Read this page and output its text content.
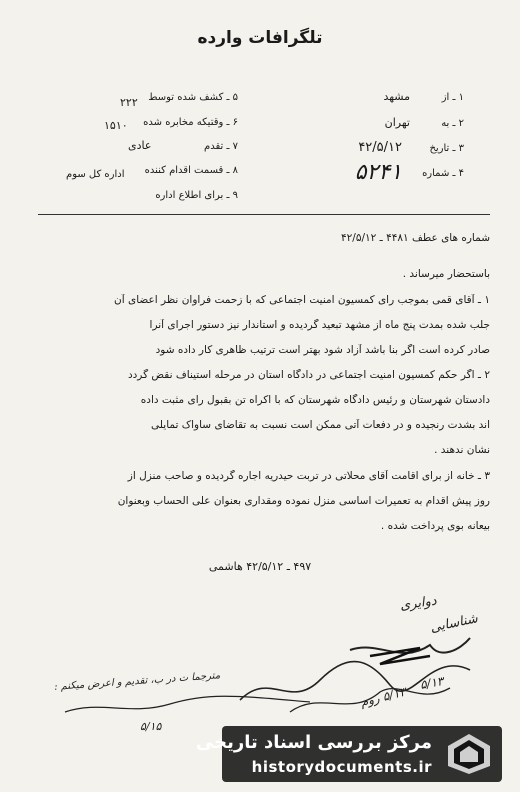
تلگرافات وارده
۱ ـ از
مشهد
۲ ـ به
تهران
۳ ـ تاریخ
۴۲/۵/۱۲
۴ ـ شماره
۵۲۴۱
۵ ـ کشف شده توسط
۲۲۲
۶ ـ وقتیکه مخابره شده
۱۵۱۰
۷ ـ تقدم
عادی
۸ ـ قسمت اقدام کننده
اداره کل سوم
۹ ـ برای اطلاع اداره
شماره های عطف ۴۴۸۱ ـ ۴۲/۵/۱۲
باستحضار میرساند .
۱ ـ آقای قمی بموجب رای کمسیون امنیت اجتماعی که با زحمت فراوان نظر اعضای آن
جلب شده بمدت پنج ماه از مشهد تبعید گردیده و استاندار نیز دستور اجرای آنرا
صادر کرده است اگر بنا باشد آزاد شود بهتر است ترتیب ظاهری کار داده شود
۲ ـ اگر حکم کمسیون امنیت اجتماعی در دادگاه استان در مرحله استیناف نقض گردد
دادستان شهرستان و رئیس دادگاه شهرستان که با اکراه تن بقبول رای مثبت داده
اند بشدت رنجیده و در دفعات آتی ممکن است نسبت به تقاضای ساواک تمایلی
نشان ندهند .
۳ ـ خانه از برای اقامت آقای محلاتی در تربت حیدریه اجاره گردیده و صاحب منزل از
روز پیش اقدام به تعمیرات اساسی منزل نموده ومقداری بعنوان علی الحساب وبعنوان
بیعانه بوی پرداخت شده .
۴۹۷ ـ ۴۲/۵/۱۲ هاشمی
دوایری
شناسایی
۵/۱۳
۵/۱۳ روم
مترجما ت در ب، تقدیم و اعرض میکنم :
۵/۱۵
مرکز بررسی اسناد تاریخی
historydocuments.ir
